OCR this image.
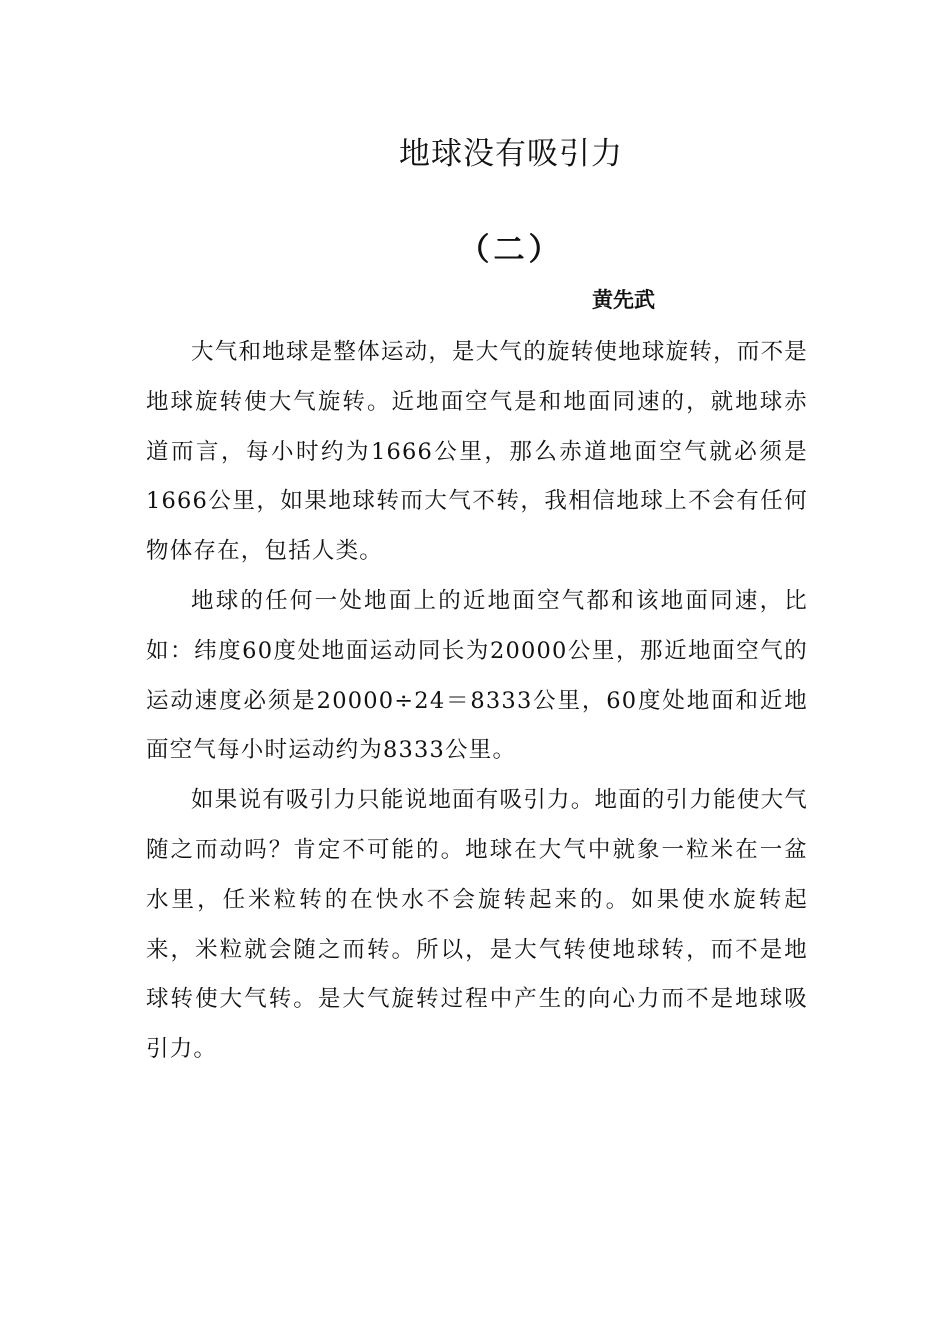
地球没有吸引力
（二）
黄先武

大气和地球是整体运动，是大气的旋转使地球旋转，而不是地球旋转使大气旋转。近地面空气是和地面同速的，就地球赤道而言，每小时约为1666公里，那么赤道地面空气就必须是1666公里，如果地球转而大气不转，我相信地球上不会有任何物体存在，包括人类。

地球的任何一处地面上的近地面空气都和该地面同速，比如：纬度60度处地面运动同长为20000公里，那近地面空气的运动速度必须是20000÷24＝8333公里，60度处地面和近地面空气每小时运动约为8333公里。

如果说有吸引力只能说地面有吸引力。地面的引力能使大气随之而动吗？肯定不可能的。地球在大气中就象一粒米在一盆水里，任米粒转的在快水不会旋转起来的。如果使水旋转起来，米粒就会随之而转。所以，是大气转使地球转，而不是地球转使大气转。是大气旋转过程中产生的向心力而不是地球吸引力。
